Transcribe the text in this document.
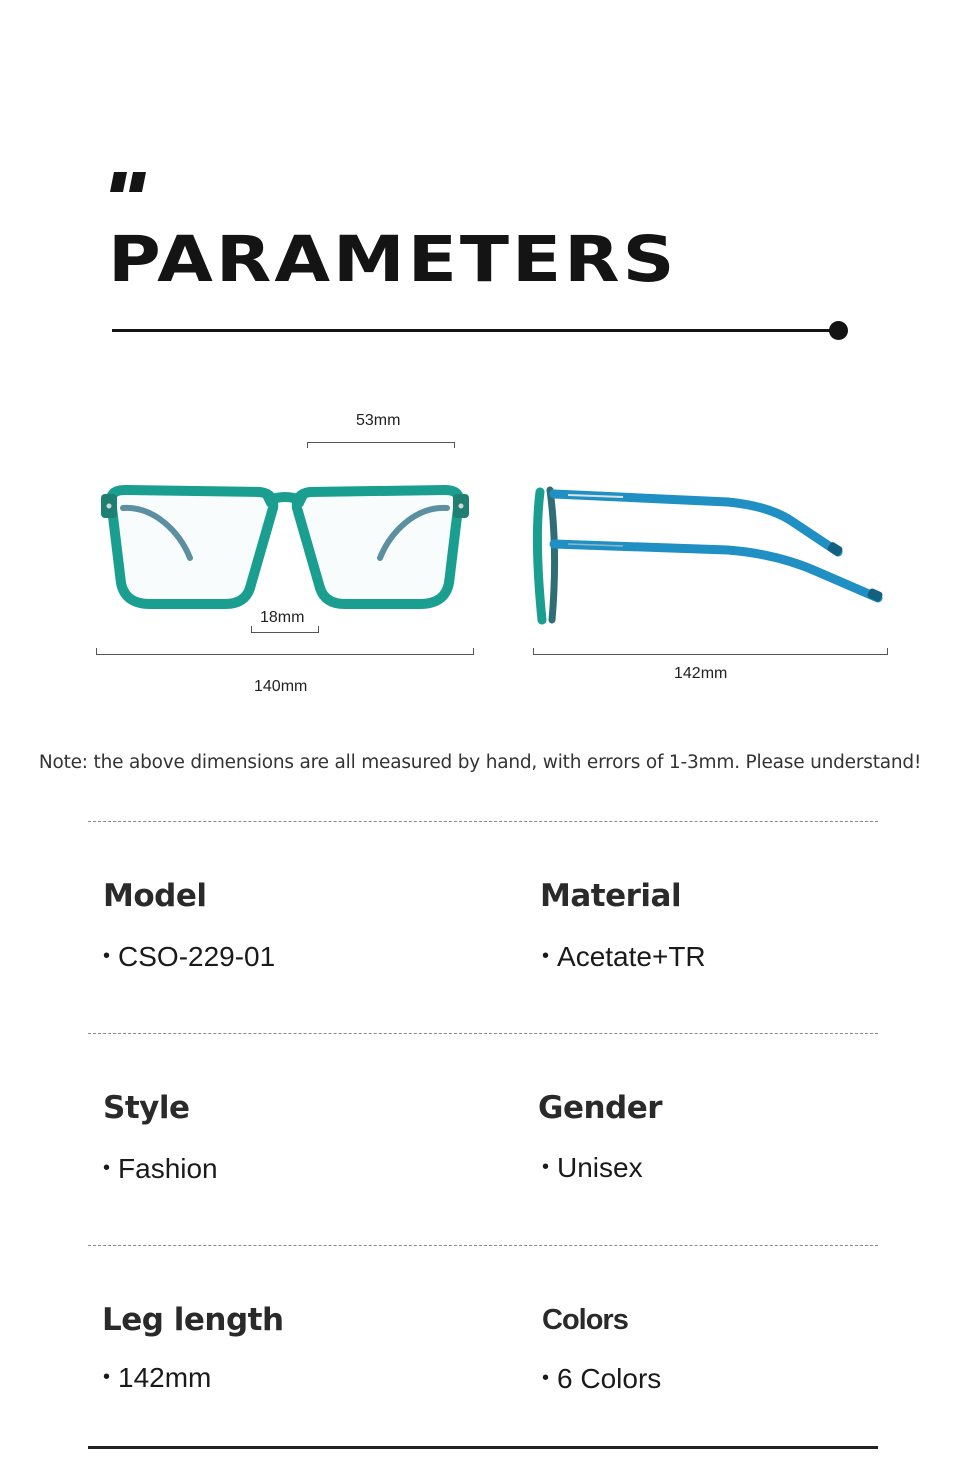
PARAMETERS
53mm
18mm
140mm
142mm
Note: the above dimensions are all measured by hand, with errors of 1-3mm. Please understand!
Model
• CSO-229-01
Material
• Acetate+TR
Style
• Fashion
Gender
• Unisex
Leg length
• 142mm
Colors
• 6 Colors
